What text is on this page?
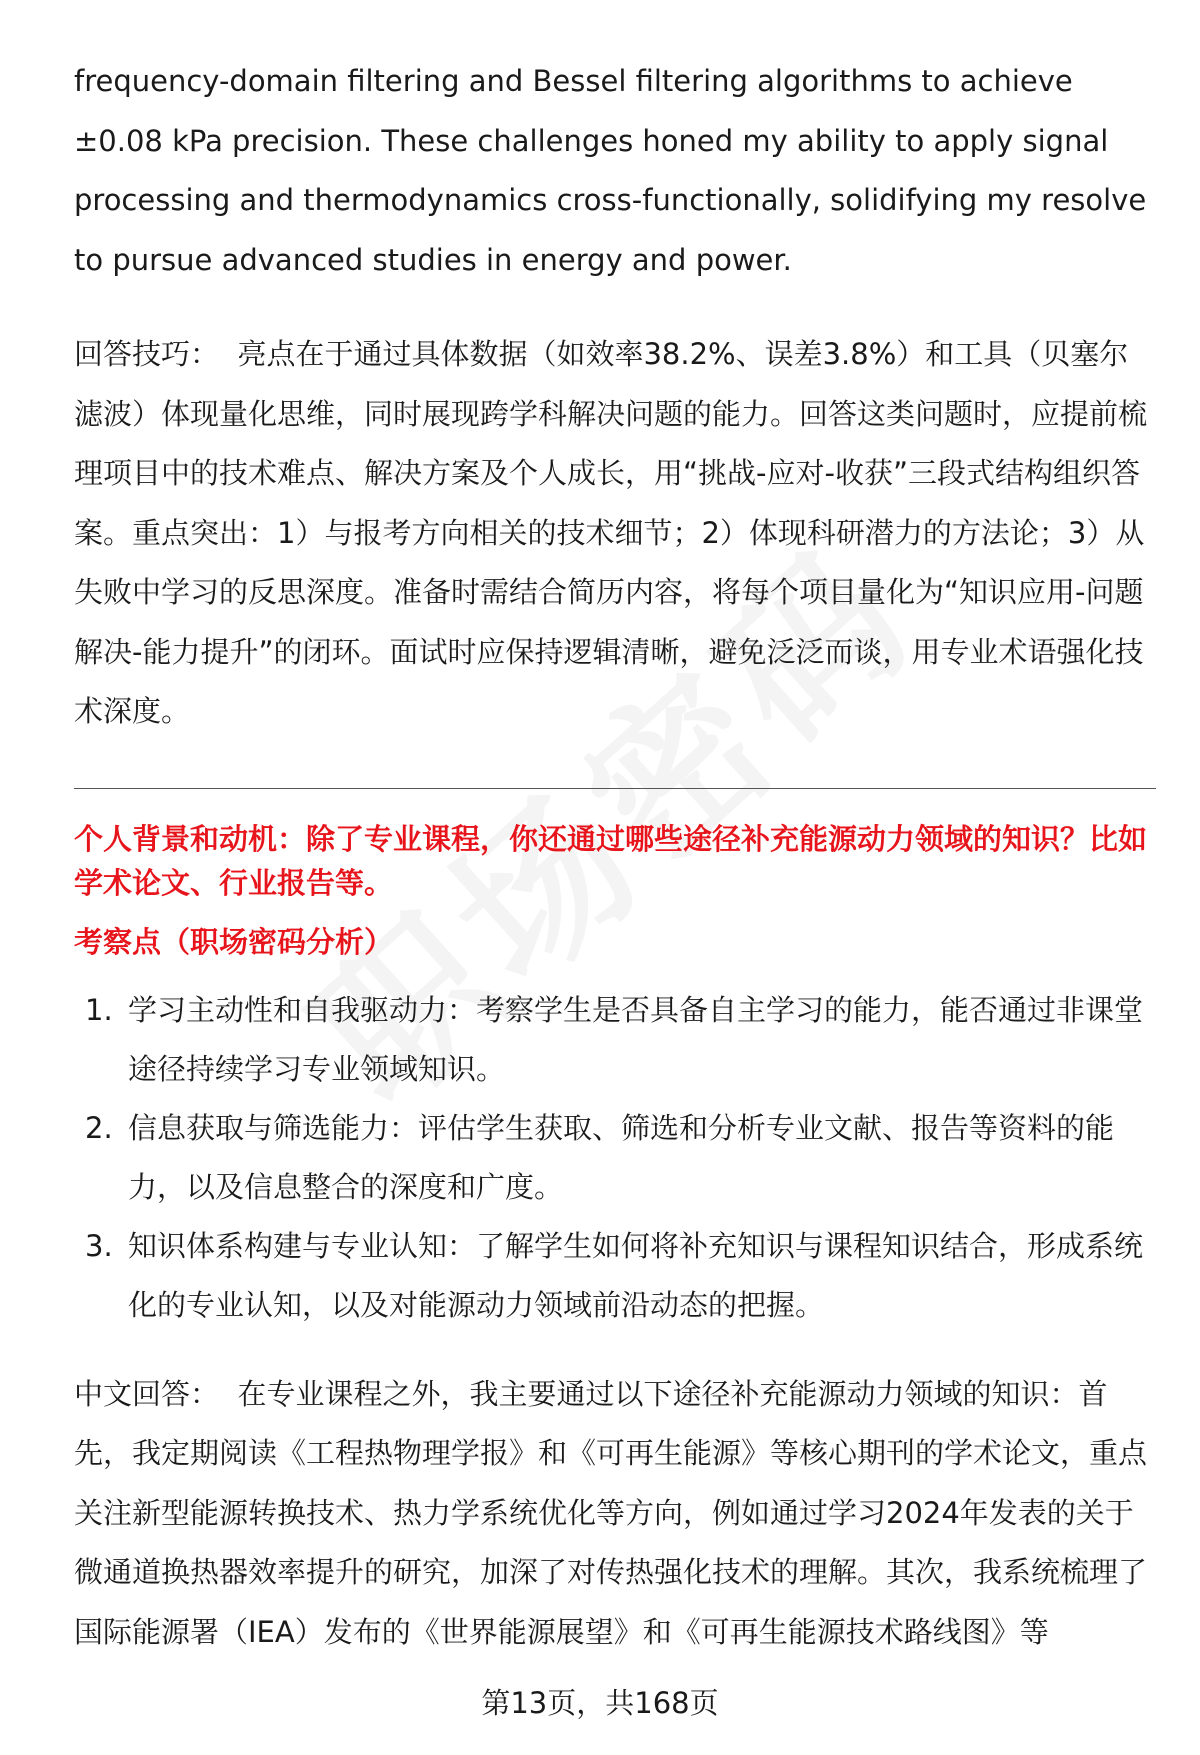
frequency-domain filtering and Bessel filtering algorithms to achieve ±0.08 kPa precision. These challenges honed my ability to apply signal processing and thermodynamics cross-functionally, solidifying my resolve to pursue advanced studies in energy and power.

回答技巧： 亮点在于通过具体数据（如效率38.2%、误差3.8%）和工具（贝塞尔滤波）体现量化思维，同时展现跨学科解决问题的能力。回答这类问题时，应提前梳理项目中的技术难点、解决方案及个人成长，用“挑战-应对-收获”三段式结构组织答案。重点突出：1）与报考方向相关的技术细节；2）体现科研潜力的方法论；3）从失败中学习的反思深度。准备时需结合简历内容，将每个项目量化为“知识应用-问题解决-能力提升”的闭环。面试时应保持逻辑清晰，避免泛泛而谈，用专业术语强化技术深度。

个人背景和动机：除了专业课程，你还通过哪些途径补充能源动力领域的知识？比如学术论文、行业报告等。

考察点（职场密码分析）

1. 学习主动性和自我驱动力：考察学生是否具备自主学习的能力，能否通过非课堂途径持续学习专业领域知识。
2. 信息获取与筛选能力：评估学生获取、筛选和分析专业文献、报告等资料的能力，以及信息整合的深度和广度。
3. 知识体系构建与专业认知：了解学生如何将补充知识与课程知识结合，形成系统化的专业认知，以及对能源动力领域前沿动态的把握。

中文回答： 在专业课程之外，我主要通过以下途径补充能源动力领域的知识：首先，我定期阅读《工程热物理学报》和《可再生能源》等核心期刊的学术论文，重点关注新型能源转换技术、热力学系统优化等方向，例如通过学习2024年发表的关于微通道换热器效率提升的研究，加深了对传热强化技术的理解。其次，我系统梳理了国际能源署（IEA）发布的《世界能源展望》和《可再生能源技术路线图》等

第13页，共168页
